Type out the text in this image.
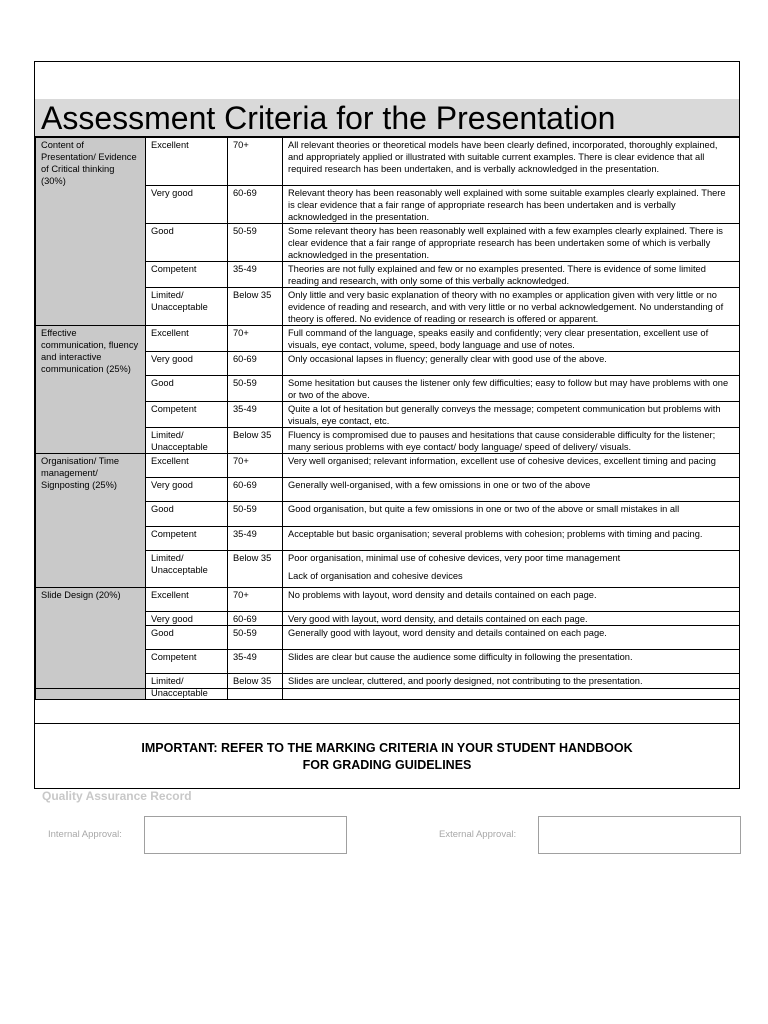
Assessment Criteria for the Presentation
Content of Presentation/ Evidence of Critical thinking (30%)	Excellent	70+	All relevant theories or theoretical models have been clearly defined, incorporated, thoroughly explained, and appropriately applied or illustrated with suitable current examples. There is clear evidence that all required research has been undertaken, and is verbally acknowledged in the presentation.

	Very good	60-69	Relevant theory has been reasonably well explained with some suitable examples clearly explained. There is clear evidence that a fair range of appropriate research has been undertaken and is verbally acknowledged in the presentation.

	Good	50-59	Some relevant theory has been reasonably well explained with a few examples clearly explained. There is clear evidence that a fair range of appropriate research has been undertaken some of which is verbally acknowledged in the presentation.

	Competent	35-49	Theories are not fully explained and few or no examples presented. There is evidence of some limited reading and research, with only some of this verbally acknowledged.

	Limited/ Unacceptable	Below 35	Only little and very basic explanation of theory with no examples or application given with very little or no evidence of reading and research, and with very little or no verbal acknowledgement. No understanding of theory is offered. No evidence of reading or research is offered or apparent.

Effective communication, fluency and interactive communication (25%)	Excellent	70+	Full command of the language, speaks easily and confidently; very clear presentation, excellent use of visuals, eye contact, volume, speed, body language and use of notes.

	Very good	60-69	Only occasional lapses in fluency; generally clear with good use of the above.

	Good	50-59	Some hesitation but causes the listener only few difficulties; easy to follow but may have problems with one or two of the above.

	Competent	35-49	Quite a lot of hesitation but generally conveys the message; competent communication but problems with visuals, eye contact, etc.

	Limited/ Unacceptable	Below 35	Fluency is compromised due to pauses and hesitations that cause considerable difficulty for the listener; many serious problems with eye contact/ body language/ speed of delivery/ visuals.

Organisation/ Time management/ Signposting (25%)	Excellent	70+	Very well organised; relevant information, excellent use of cohesive devices, excellent timing and pacing

	Very good	60-69	Generally well-organised, with a few omissions in one or two of the above

	Good	50-59	Good organisation, but quite a few omissions in one or two of the above or small mistakes in all

	Competent	35-49	Acceptable but basic organisation; several problems with cohesion; problems with timing and pacing.

	Limited/ Unacceptable	Below 35	Poor organisation, minimal use of cohesive devices, very poor time management
Lack of organisation and cohesive devices

Slide Design (20%)	Excellent	70+	No problems with layout, word density and details contained on each page.

	Very good	60-69	Very good with layout, word density, and details contained on each page.

	Good	50-59	Generally good with layout, word density and details contained on each page.

	Competent	35-49	Slides are clear but cause the audience some difficulty in following the presentation.

	Limited/ Unacceptable	Below 35	Slides are unclear, cluttered, and poorly designed, not contributing to the presentation.
IMPORTANT: REFER TO THE MARKING CRITERIA IN YOUR STUDENT HANDBOOK
FOR GRADING GUIDELINES
Quality Assurance Record
Internal Approval:	External Approval:
